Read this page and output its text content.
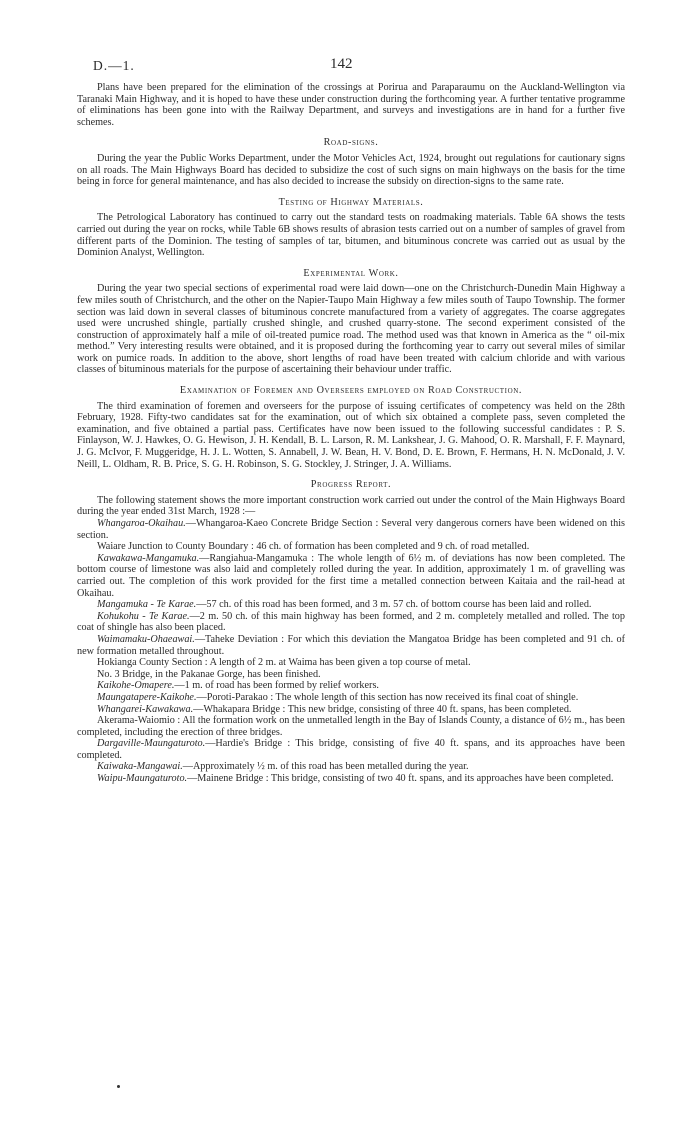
D.—1.	142

Plans have been prepared for the elimination of the crossings at Porirua and Paraparaumu on the Auckland-Wellington via Taranaki Main Highway, and it is hoped to have these under construction during the forthcoming year. A further tentative programme of eliminations has been gone into with the Railway Department, and surveys and investigations are in hand for a further five schemes.

Road-signs.

During the year the Public Works Department, under the Motor Vehicles Act, 1924, brought out regulations for cautionary signs on all roads. The Main Highways Board has decided to subsidize the cost of such signs on main highways on the basis for the time being in force for general maintenance, and has also decided to increase the subsidy on direction-signs to the same rate.

Testing of Highway Materials.

The Petrological Laboratory has continued to carry out the standard tests on roadmaking materials. Table 6A shows the tests carried out during the year on rocks, while Table 6B shows results of abrasion tests carried out on a number of samples of gravel from different parts of the Dominion. The testing of samples of tar, bitumen, and bituminous concrete was carried out as usual by the Dominion Analyst, Wellington.

Experimental Work.

During the year two special sections of experimental road were laid down—one on the Christchurch-Dunedin Main Highway a few miles south of Christchurch, and the other on the Napier-Taupo Main Highway a few miles south of Taupo Township. The former section was laid down in several classes of bituminous concrete manufactured from a variety of aggregates. The coarse aggregates used were uncrushed shingle, partially crushed shingle, and crushed quarry-stone. The second experiment consisted of the construction of approximately half a mile of oil-treated pumice road. The method used was that known in America as the “ oil-mix method.” Very interesting results were obtained, and it is proposed during the forthcoming year to carry out several miles of similar work on pumice roads. In addition to the above, short lengths of road have been treated with calcium chloride and with various classes of bituminous materials for the purpose of ascertaining their behaviour under traffic.

Examination of Foremen and Overseers employed on Road Construction.

The third examination of foremen and overseers for the purpose of issuing certificates of competency was held on the 28th February, 1928. Fifty-two candidates sat for the examination, out of which six obtained a complete pass, seven completed the examination, and five obtained a partial pass. Certificates have now been issued to the following successful candidates : P. S. Finlayson, W. J. Hawkes, O. G. Hewison, J. H. Kendall, B. L. Larson, R. M. Lankshear, J. G. Mahood, O. R. Marshall, F. F. Maynard, J. G. McIvor, F. Muggeridge, H. J. L. Wotten, S. Annabell, J. W. Bean, H. V. Bond, D. E. Brown, F. Hermans, H. N. McDonald, J. V. Neill, L. Oldham, R. B. Price, S. G. H. Robinson, S. G. Stockley, J. Stringer, J. A. Williams.

Progress Report.

The following statement shows the more important construction work carried out under the control of the Main Highways Board during the year ended 31st March, 1928 :—

Whangaroa-Okaihau.—Whangaroa-Kaeo Concrete Bridge Section : Several very dangerous corners have been widened on this section.

Waiare Junction to County Boundary : 46 ch. of formation has been completed and 9 ch. of road metalled.

Kawakawa-Mangamuka.—Rangiahua-Mangamuka : The whole length of 6½ m. of deviations has now been completed. The bottom course of limestone was also laid and completely rolled during the year. In addition, approximately 1 m. of gravelling was carried out. The completion of this work provided for the first time a metalled connection between Kaitaia and the rail-head at Okaihau.

Mangamuka - Te Karae.—57 ch. of this road has been formed, and 3 m. 57 ch. of bottom course has been laid and rolled.

Kohukohu - Te Karae.—2 m. 50 ch. of this main highway has been formed, and 2 m. completely metalled and rolled. The top coat of shingle has also been placed.

Waimamaku-Ohaeawai.—Taheke Deviation : For which this deviation the Mangatoa Bridge has been completed and 91 ch. of new formation metalled throughout.

Hokianga County Section : A length of 2 m. at Waima has been given a top course of metal.

No. 3 Bridge, in the Pakanae Gorge, has been finished.

Kaikohe-Omapere.—1 m. of road has been formed by relief workers.

Maungatapere-Kaikohe.—Poroti-Parakao : The whole length of this section has now received its final coat of shingle.

Whangarei-Kawakawa.—Whakapara Bridge : This new bridge, consisting of three 40 ft. spans, has been completed.

Akerama-Waiomio : All the formation work on the unmetalled length in the Bay of Islands County, a distance of 6½ m., has been completed, including the erection of three bridges.

Dargaville-Maungaturoto.—Hardie's Bridge : This bridge, consisting of five 40 ft. spans, and its approaches have been completed.

Kaiwaka-Mangawai.—Approximately ½ m. of this road has been metalled during the year.

Waipu-Maungaturoto.—Mainene Bridge : This bridge, consisting of two 40 ft. spans, and its approaches have been completed.
